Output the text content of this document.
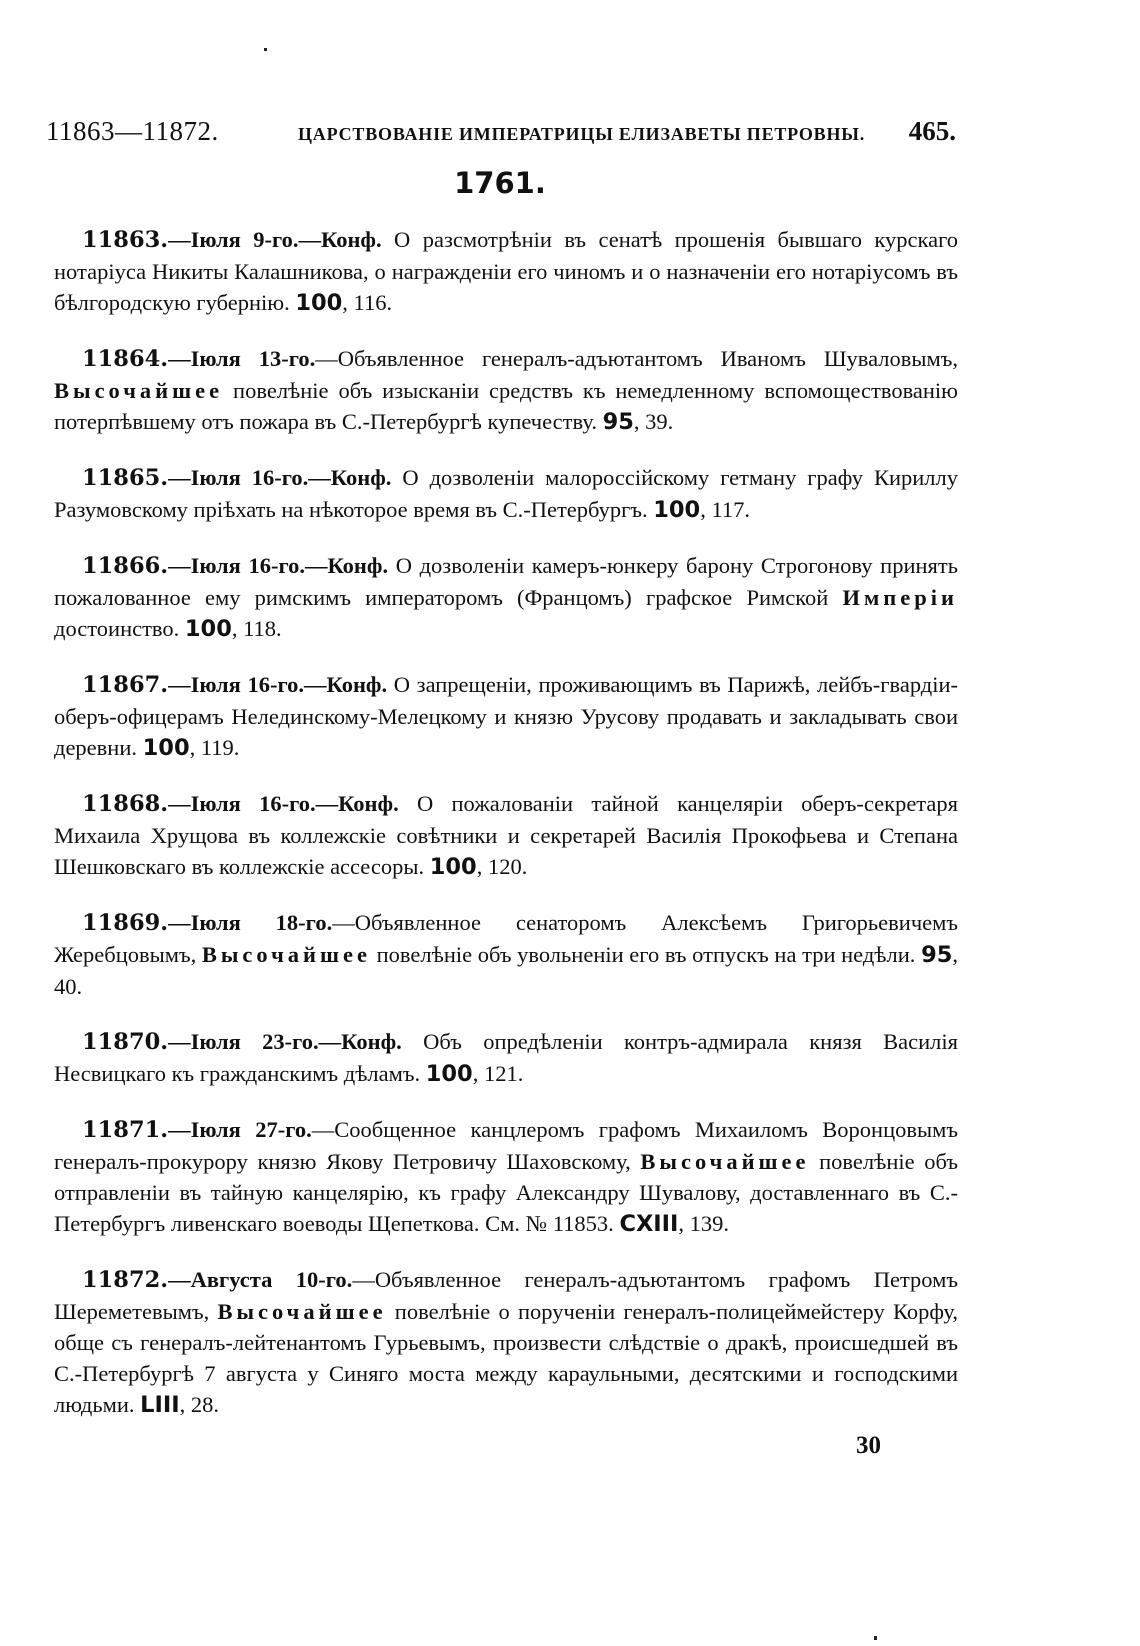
11863—11872.	ЦАРСТВОВАНІЕ ИМПЕРАТРИЦЫ ЕЛИЗАВЕТЫ ПЕТРОВНЫ. 465.
1761.

11863.—Іюля 9-го.—Конф. О разсмотрѣніи въ сенатѣ прошенія бывшаго курскаго нотаріуса Никиты Калашникова, о награжденіи его чиномъ и о назначеніи его нотаріусомъ въ бѣлгородскую губернію. 100, 116.

11864.—Іюля 13-го.—Объявленное генералъ-адъютантомъ Иваномъ Шуваловымъ, Высочайшее повелѣніе объ изысканіи средствъ къ немедленному вспомоществованію потерпѣвшему отъ пожара въ С.-Петербургѣ купечеству. 95, 39.

11865.—Іюля 16-го.—Конф. О дозволеніи малороссійскому гетману графу Кириллу Разумовскому пріѣхать на нѣкоторое время въ С.-Петербургъ. 100, 117.

11866.—Іюля 16-го.—Конф. О дозволеніи камеръ-юнкеру барону Строгонову принять пожалованное ему римскимъ императоромъ (Францомъ) графское Римской Имперіи достоинство. 100, 118.

11867.—Іюля 16-го.—Конф. О запрещеніи, проживающимъ въ Парижѣ, лейбъ-гвардіи-оберъ-офицерамъ Нелединскому-Мелецкому и князю Урусову продавать и закладывать свои деревни. 100, 119.

11868.—Іюля 16-го.—Конф. О пожалованіи тайной канцеляріи оберъ-секретаря Михаила Хрущова въ коллежскіе совѣтники и секретарей Василія Прокофьева и Степана Шешковскаго въ коллежскіе ассесоры. 100, 120.

11869.—Іюля 18-го.—Объявленное сенаторомъ Алексѣемъ Григорьевичемъ Жеребцовымъ, Высочайшее повелѣніе объ увольненіи его въ отпускъ на три недѣли. 95, 40.

11870.—Іюля 23-го.—Конф. Объ опредѣленіи контръ-адмирала князя Василія Несвицкаго къ гражданскимъ дѣламъ. 100, 121.

11871.—Іюля 27-го.—Сообщенное канцлеромъ графомъ Михаиломъ Воронцовымъ генералъ-прокурору князю Якову Петровичу Шаховскому, Высочайшее повелѣніе объ отправленіи въ тайную канцелярію, къ графу Александру Шувалову, доставленнаго въ С.-Петербургъ ливенскаго воеводы Щепеткова. См. № 11853. CXIII, 139.

11872.—Августа 10-го.—Объявленное генералъ-адъютантомъ графомъ Петромъ Шереметевымъ, Высочайшее повелѣніе о порученіи генералъ-полицеймейстеру Корфу, обще съ генералъ-лейтенантомъ Гурьевымъ, произвести слѣдствіе о дракѣ, происшедшей въ С.-Петербургѣ 7 августа у Синяго моста между караульными, десятскими и господскими людьми. LIII, 28.

30
